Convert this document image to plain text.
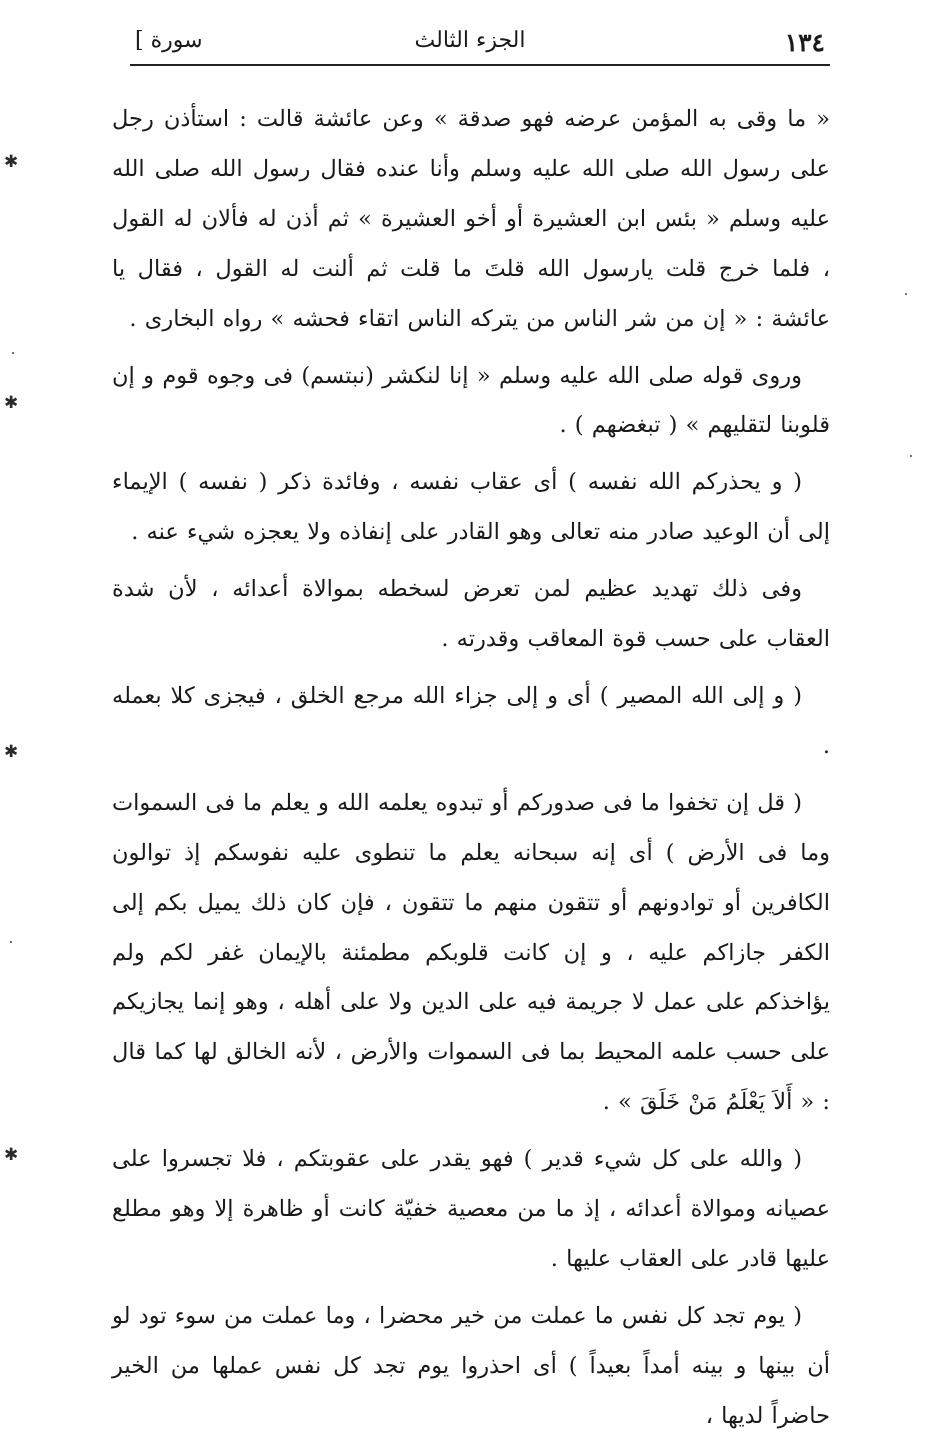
١٣٤
الجزء الثالث
[ سورة

« ما وقى به المؤمن عرضه فهو صدقة » وعن عائشة قالت : استأذن رجل على رسول الله صلى الله عليه وسلم وأنا عنده فقال رسول الله صلى الله عليه وسلم « بئس ابن العشيرة أو أخو العشيرة » ثم أذن له فألان له القول ، فلما خرج قلت يارسول الله قلتَ ما قلت ثم ألنت له القول ، فقال يا عائشة : « إن من شر الناس من يتركه الناس اتقاء فحشه » رواه البخارى .

وروى قوله صلى الله عليه وسلم « إنا لنكشر (نبتسم) فى وجوه قوم و إن قلوبنا لتقليهم » ( تبغضهم ) .

( و يحذركم الله نفسه ) أى عقاب نفسه ، وفائدة ذكر ( نفسه ) الإيماء إلى أن الوعيد صادر منه تعالى وهو القادر على إنفاذه ولا يعجزه شيء عنه .

وفى ذلك تهديد عظيم لمن تعرض لسخطه بموالاة أعدائه ، لأن شدة العقاب على حسب قوة المعاقب وقدرته .

( و إلى الله المصير ) أى و إلى جزاء الله مرجع الخلق ، فيجزى كلا بعمله .

( قل إن تخفوا ما فى صدوركم أو تبدوه يعلمه الله و يعلم ما فى السموات وما فى الأرض ) أى إنه سبحانه يعلم ما تنطوى عليه نفوسكم إذ توالون الكافرين أو توادونهم أو تتقون منهم ما تتقون ، فإن كان ذلك يميل بكم إلى الكفر جازاكم عليه ، و إن كانت قلوبكم مطمئنة بالإيمان غفر لكم ولم يؤاخذكم على عمل لا جريمة فيه على الدين ولا على أهله ، وهو إنما يجازيكم على حسب علمه المحيط بما فى السموات والأرض ، لأنه الخالق لها كما قال : « أَلاَ يَعْلَمُ مَنْ خَلَقَ » .

( والله على كل شيء قدير ) فهو يقدر على عقوبتكم ، فلا تجسروا على عصيانه وموالاة أعدائه ، إذ ما من معصية خفيّة كانت أو ظاهرة إلا وهو مطلع عليها قادر على العقاب عليها .

( يوم تجد كل نفس ما عملت من خير محضرا ، وما عملت من سوء تود لو أن بينها و بينه أمداً بعيداً ) أى احذروا يوم تجد كل نفس عملها من الخير حاضراً لديها ،

✱
✱
✱
✱
